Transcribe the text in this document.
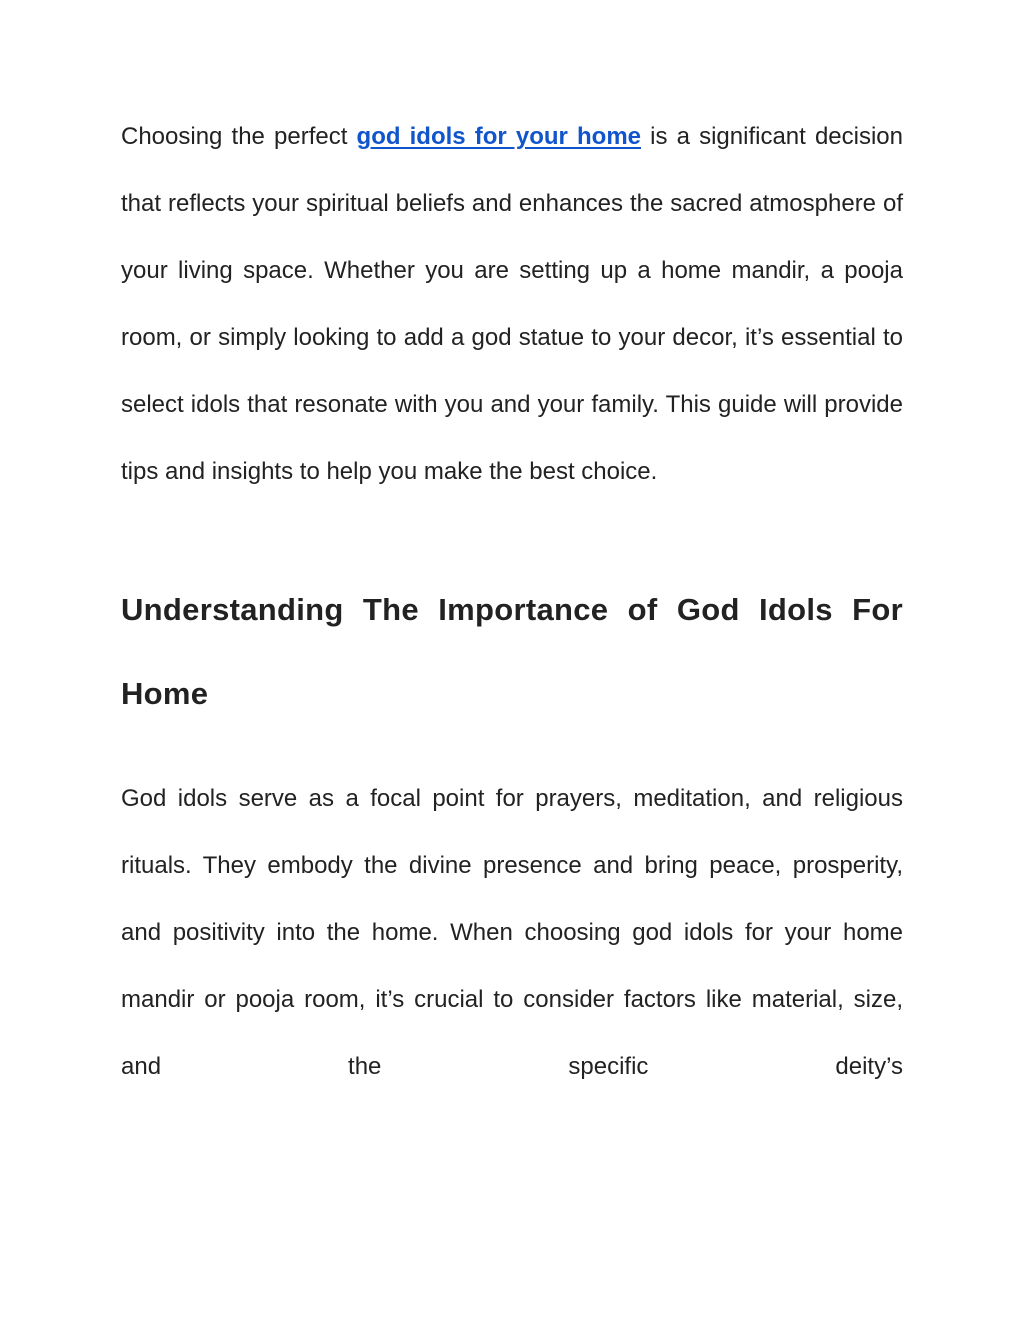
Choosing the perfect god idols for your home is a significant decision that reflects your spiritual beliefs and enhances the sacred atmosphere of your living space. Whether you are setting up a home mandir, a pooja room, or simply looking to add a god statue to your decor, it’s essential to select idols that resonate with you and your family. This guide will provide tips and insights to help you make the best choice.

Understanding The Importance of God Idols For Home

God idols serve as a focal point for prayers, meditation, and religious rituals. They embody the divine presence and bring peace, prosperity, and positivity into the home. When choosing god idols for your home mandir or pooja room, it’s crucial to consider factors like material, size, and the specific deity’s
